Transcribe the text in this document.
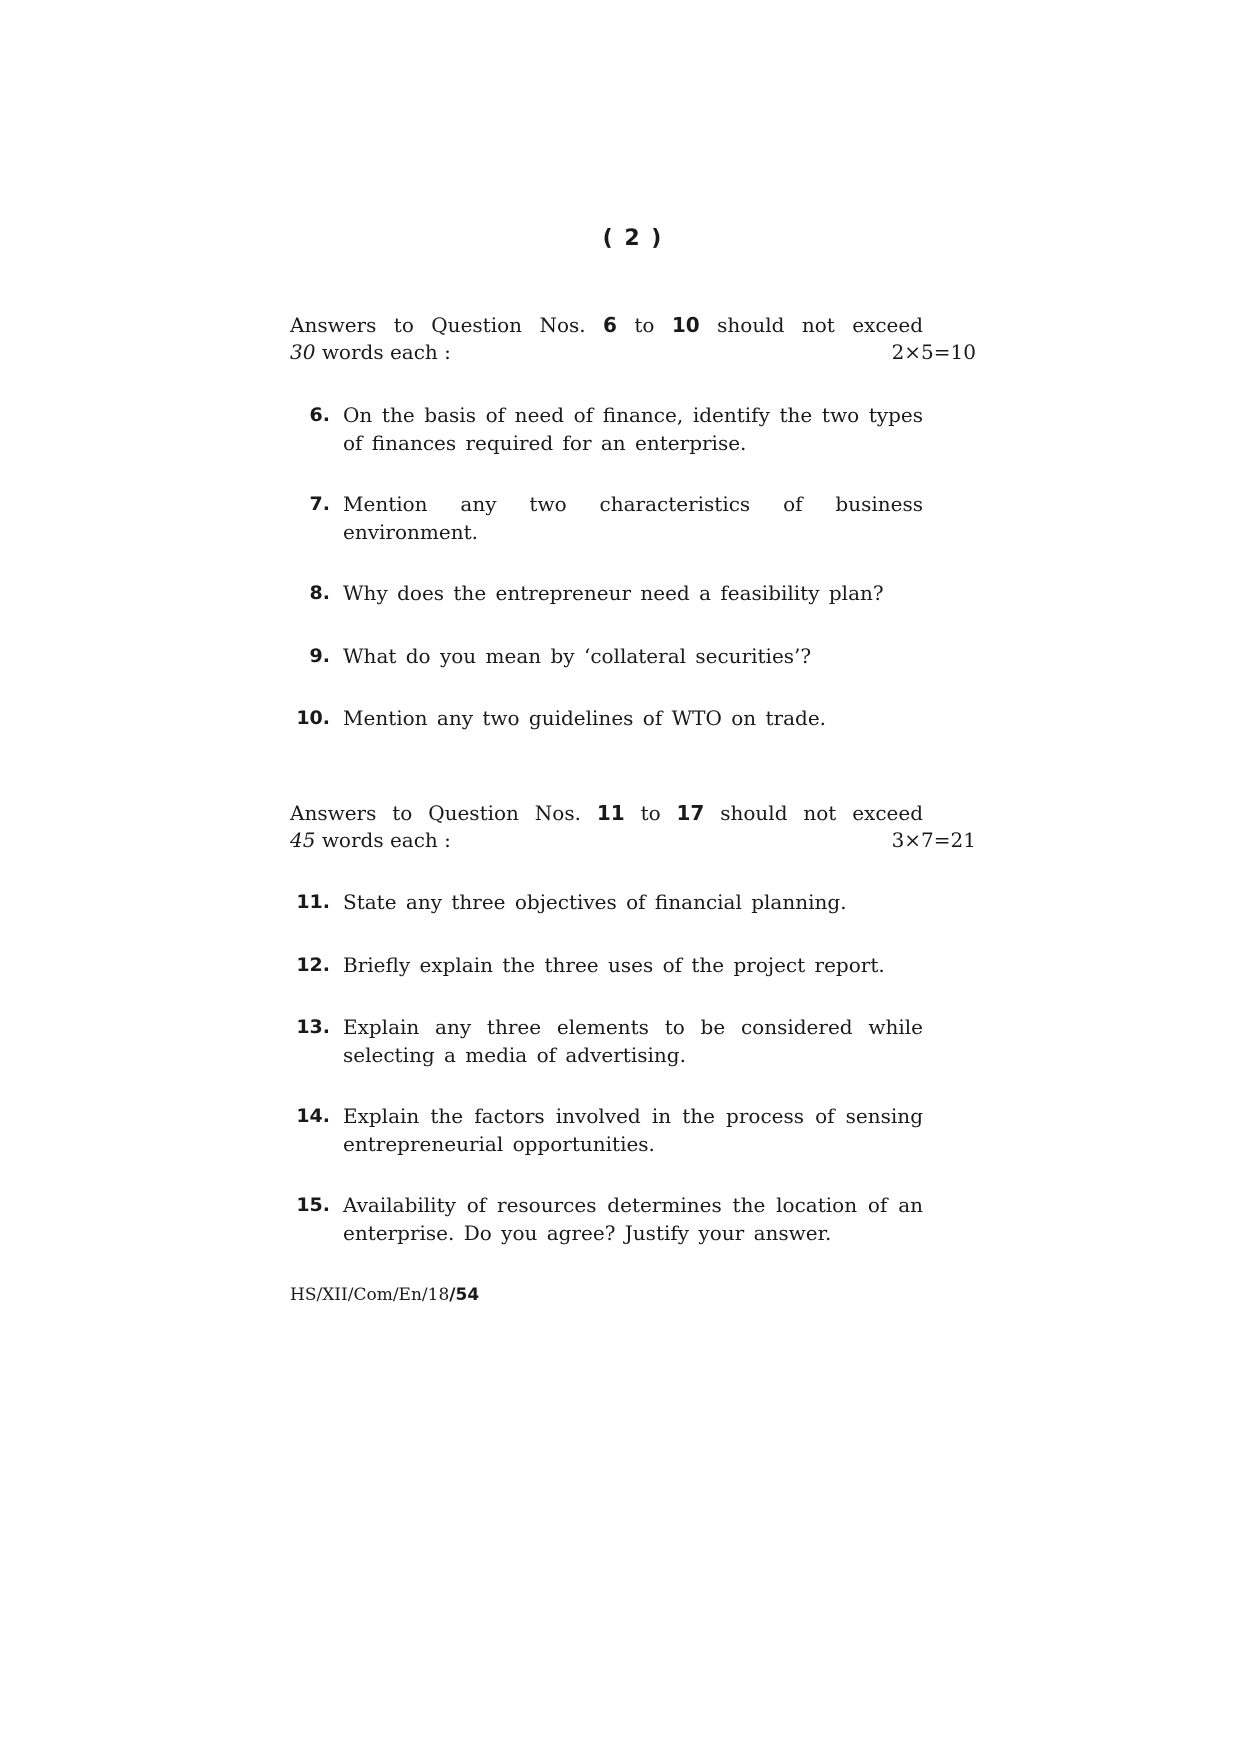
( 2 )
Answers to Question Nos. 6 to 10 should not exceed
30 words each :	2×5=10
6. On the basis of need of finance, identify the two types of finances required for an enterprise.
7. Mention any two characteristics of business environment.
8. Why does the entrepreneur need a feasibility plan?
9. What do you mean by ‘collateral securities’?
10. Mention any two guidelines of WTO on trade.
Answers to Question Nos. 11 to 17 should not exceed
45 words each :	3×7=21
11. State any three objectives of financial planning.
12. Briefly explain the three uses of the project report.
13. Explain any three elements to be considered while selecting a media of advertising.
14. Explain the factors involved in the process of sensing entrepreneurial opportunities.
15. Availability of resources determines the location of an enterprise. Do you agree? Justify your answer.
HS/XII/Com/En/18/54
